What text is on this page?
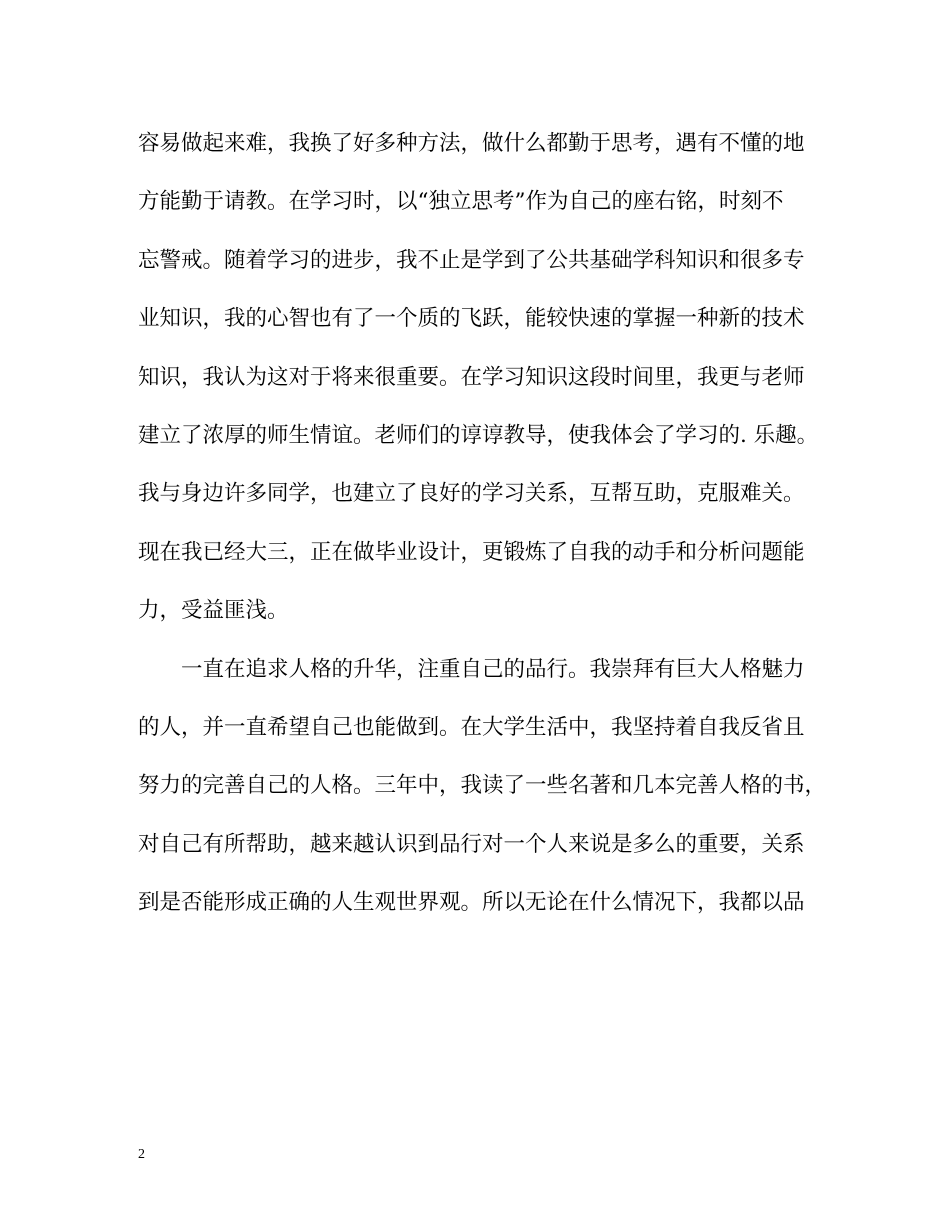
容易做起来难，我换了好多种方法，做什么都勤于思考，遇有不懂的地
方能勤于请教。在学习时，以“独立思考”作为自己的座右铭，时刻不
忘警戒。随着学习的进步，我不止是学到了公共基础学科知识和很多专
业知识，我的心智也有了一个质的飞跃，能较快速的掌握一种新的技术
知识，我认为这对于将来很重要。在学习知识这段时间里，我更与老师
建立了浓厚的师生情谊。老师们的谆谆教导，使我体会了学习的. 乐趣。
我与身边许多同学，也建立了良好的学习关系，互帮互助，克服难关。
现在我已经大三，正在做毕业设计，更锻炼了自我的动手和分析问题能
力，受益匪浅。
一直在追求人格的升华，注重自己的品行。我崇拜有巨大人格魅力
的人，并一直希望自己也能做到。在大学生活中，我坚持着自我反省且
努力的完善自己的人格。三年中，我读了一些名著和几本完善人格的书，
对自己有所帮助，越来越认识到品行对一个人来说是多么的重要，关系
到是否能形成正确的人生观世界观。所以无论在什么情况下，我都以品
2
